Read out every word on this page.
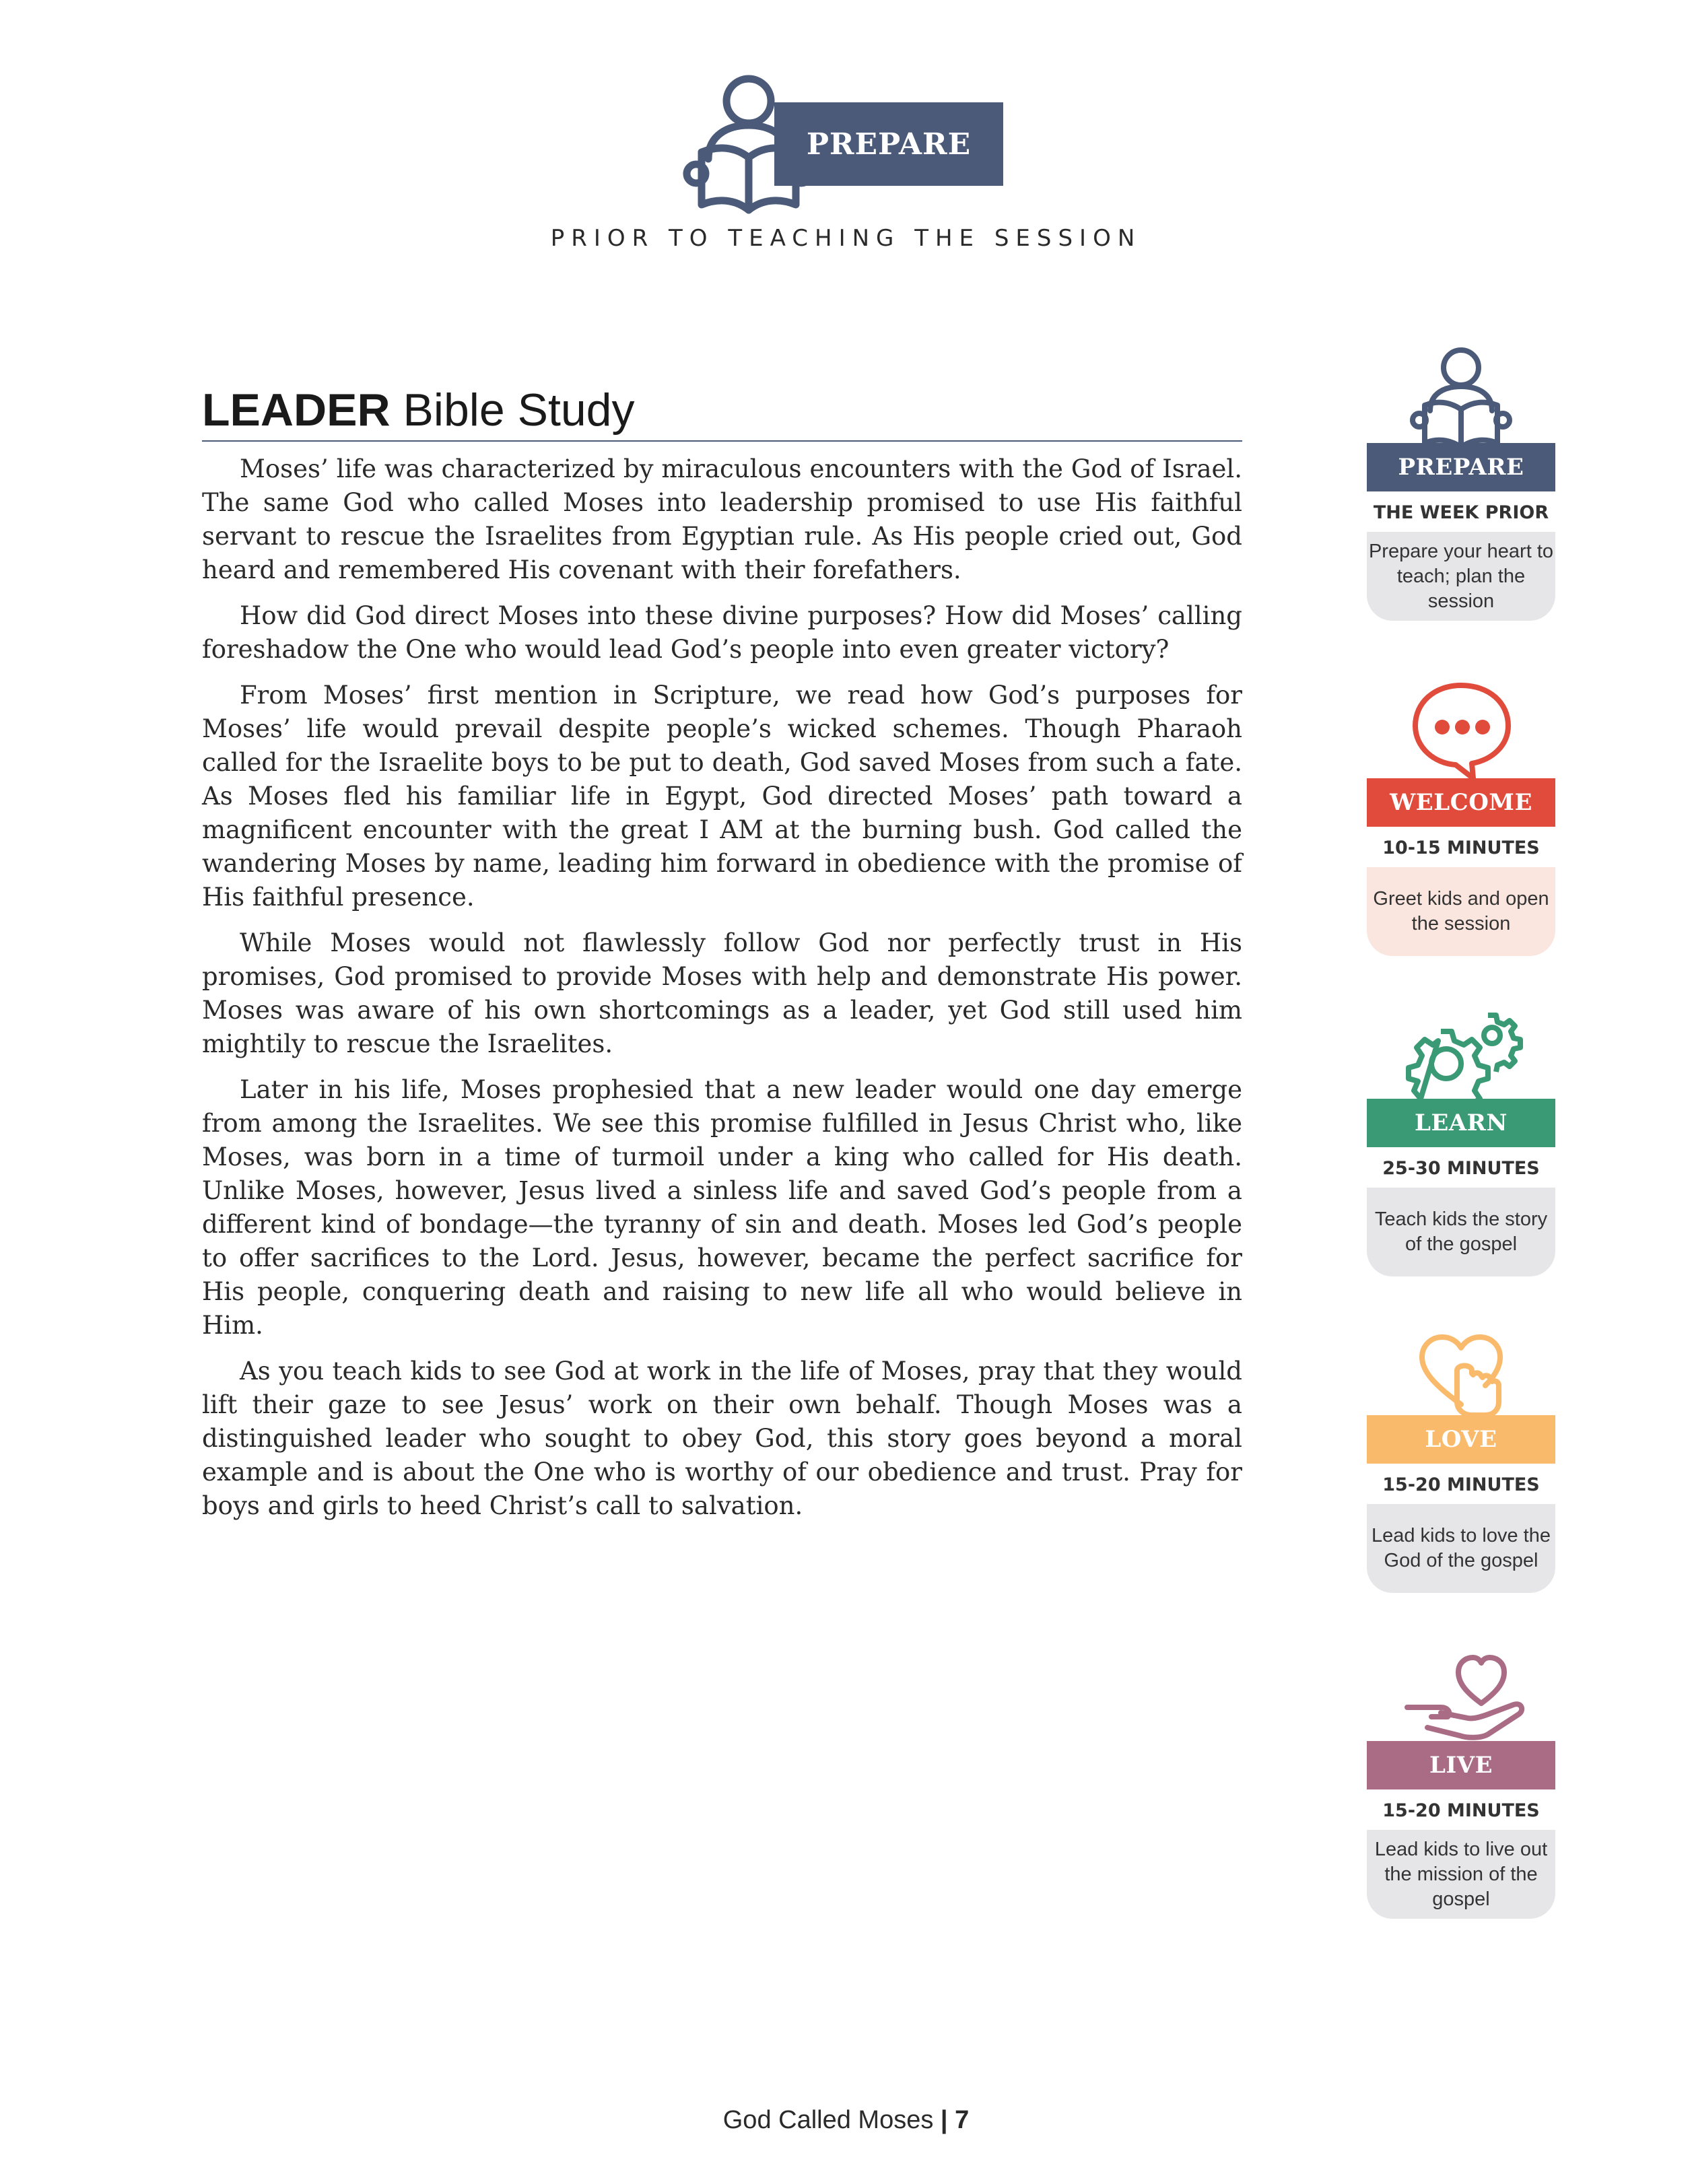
PREPARE
PRIOR TO TEACHING THE SESSION
LEADER Bible Study

Moses’ life was characterized by miraculous encounters with the God of Israel. The same God who called Moses into leadership promised to use His faithful servant to rescue the Israelites from Egyptian rule. As His people cried out, God heard and remembered His covenant with their forefathers.

How did God direct Moses into these divine purposes? How did Moses’ calling foreshadow the One who would lead God’s people into even greater victory?

From Moses’ first mention in Scripture, we read how God’s purposes for Moses’ life would prevail despite people’s wicked schemes. Though Pharaoh called for the Israelite boys to be put to death, God saved Moses from such a fate. As Moses fled his familiar life in Egypt, God directed Moses’ path toward a magnificent encounter with the great I AM at the burning bush. God called the wandering Moses by name, leading him forward in obedience with the promise of His faithful presence.

While Moses would not flawlessly follow God nor perfectly trust in His promises, God promised to provide Moses with help and demonstrate His power. Moses was aware of his own shortcomings as a leader, yet God still used him mightily to rescue the Israelites.

Later in his life, Moses prophesied that a new leader would one day emerge from among the Israelites. We see this promise fulfilled in Jesus Christ who, like Moses, was born in a time of turmoil under a king who called for His death. Unlike Moses, however, Jesus lived a sinless life and saved God’s people from a different kind of bondage—the tyranny of sin and death. Moses led God’s people to offer sacrifices to the Lord. Jesus, however, became the perfect sacrifice for His people, conquering death and raising to new life all who would believe in Him.

As you teach kids to see God at work in the life of Moses, pray that they would lift their gaze to see Jesus’ work on their own behalf. Though Moses was a distinguished leader who sought to obey God, this story goes beyond a moral example and is about the One who is worthy of our obedience and trust. Pray for boys and girls to heed Christ’s call to salvation.

PREPARE
THE WEEK PRIOR
Prepare your heart to teach; plan the session
WELCOME
10-15 MINUTES
Greet kids and open the session
LEARN
25-30 MINUTES
Teach kids the story of the gospel
LOVE
15-20 MINUTES
Lead kids to love the God of the gospel
LIVE
15-20 MINUTES
Lead kids to live out the mission of the gospel
God Called Moses | 7
